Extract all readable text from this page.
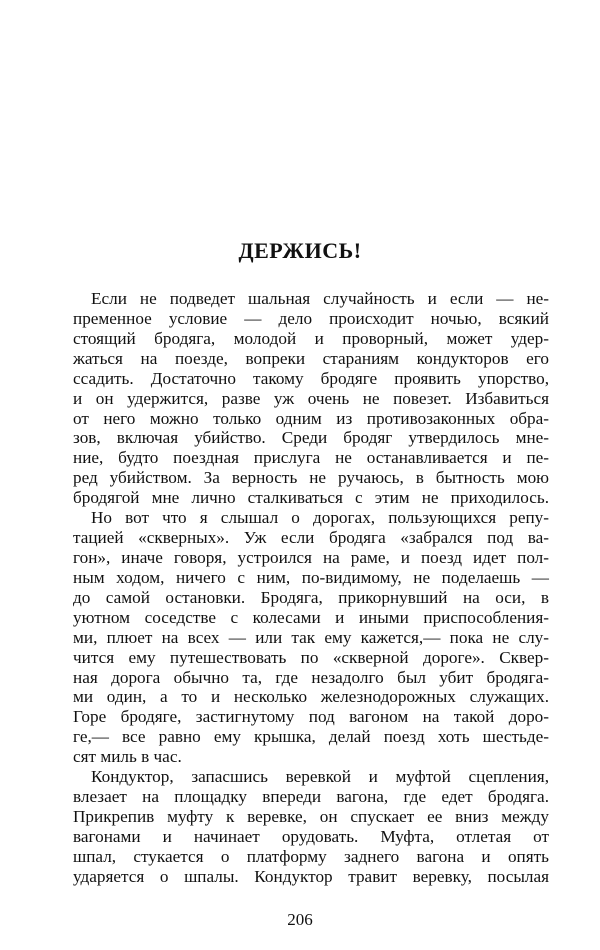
ДЕРЖИСЬ!
Если не подведет шальная случайность и если — не-
пременное условие — дело происходит ночью, всякий
стоящий бродяга, молодой и проворный, может удер-
жаться на поезде, вопреки стараниям кондукторов его
ссадить. Достаточно такому бродяге проявить упорство,
и он удержится, разве уж очень не повезет. Избавиться
от него можно только одним из противозаконных обра-
зов, включая убийство. Среди бродяг утвердилось мне-
ние, будто поездная прислуга не останавливается и пе-
ред убийством. За верность не ручаюсь, в бытность мою
бродягой мне лично сталкиваться с этим не приходилось.
Но вот что я слышал о дорогах, пользующихся репу-
тацией «скверных». Уж если бродяга «забрался под ва-
гон», иначе говоря, устроился на раме, и поезд идет пол-
ным ходом, ничего с ним, по-видимому, не поделаешь —
до самой остановки. Бродяга, прикорнувший на оси, в
уютном соседстве с колесами и иными приспособления-
ми, плюет на всех — или так ему кажется,— пока не слу-
чится ему путешествовать по «скверной дороге». Сквер-
ная дорога обычно та, где незадолго был убит бродяга-
ми один, а то и несколько железнодорожных служащих.
Горе бродяге, застигнутому под вагоном на такой доро-
ге,— все равно ему крышка, делай поезд хоть шестьде-
сят миль в час.
Кондуктор, запасшись веревкой и муфтой сцепления,
влезает на площадку впереди вагона, где едет бродяга.
Прикрепив муфту к веревке, он спускает ее вниз между
вагонами и начинает орудовать. Муфта, отлетая от
шпал, стукается о платформу заднего вагона и опять
ударяется о шпалы. Кондуктор травит веревку, посылая
206
